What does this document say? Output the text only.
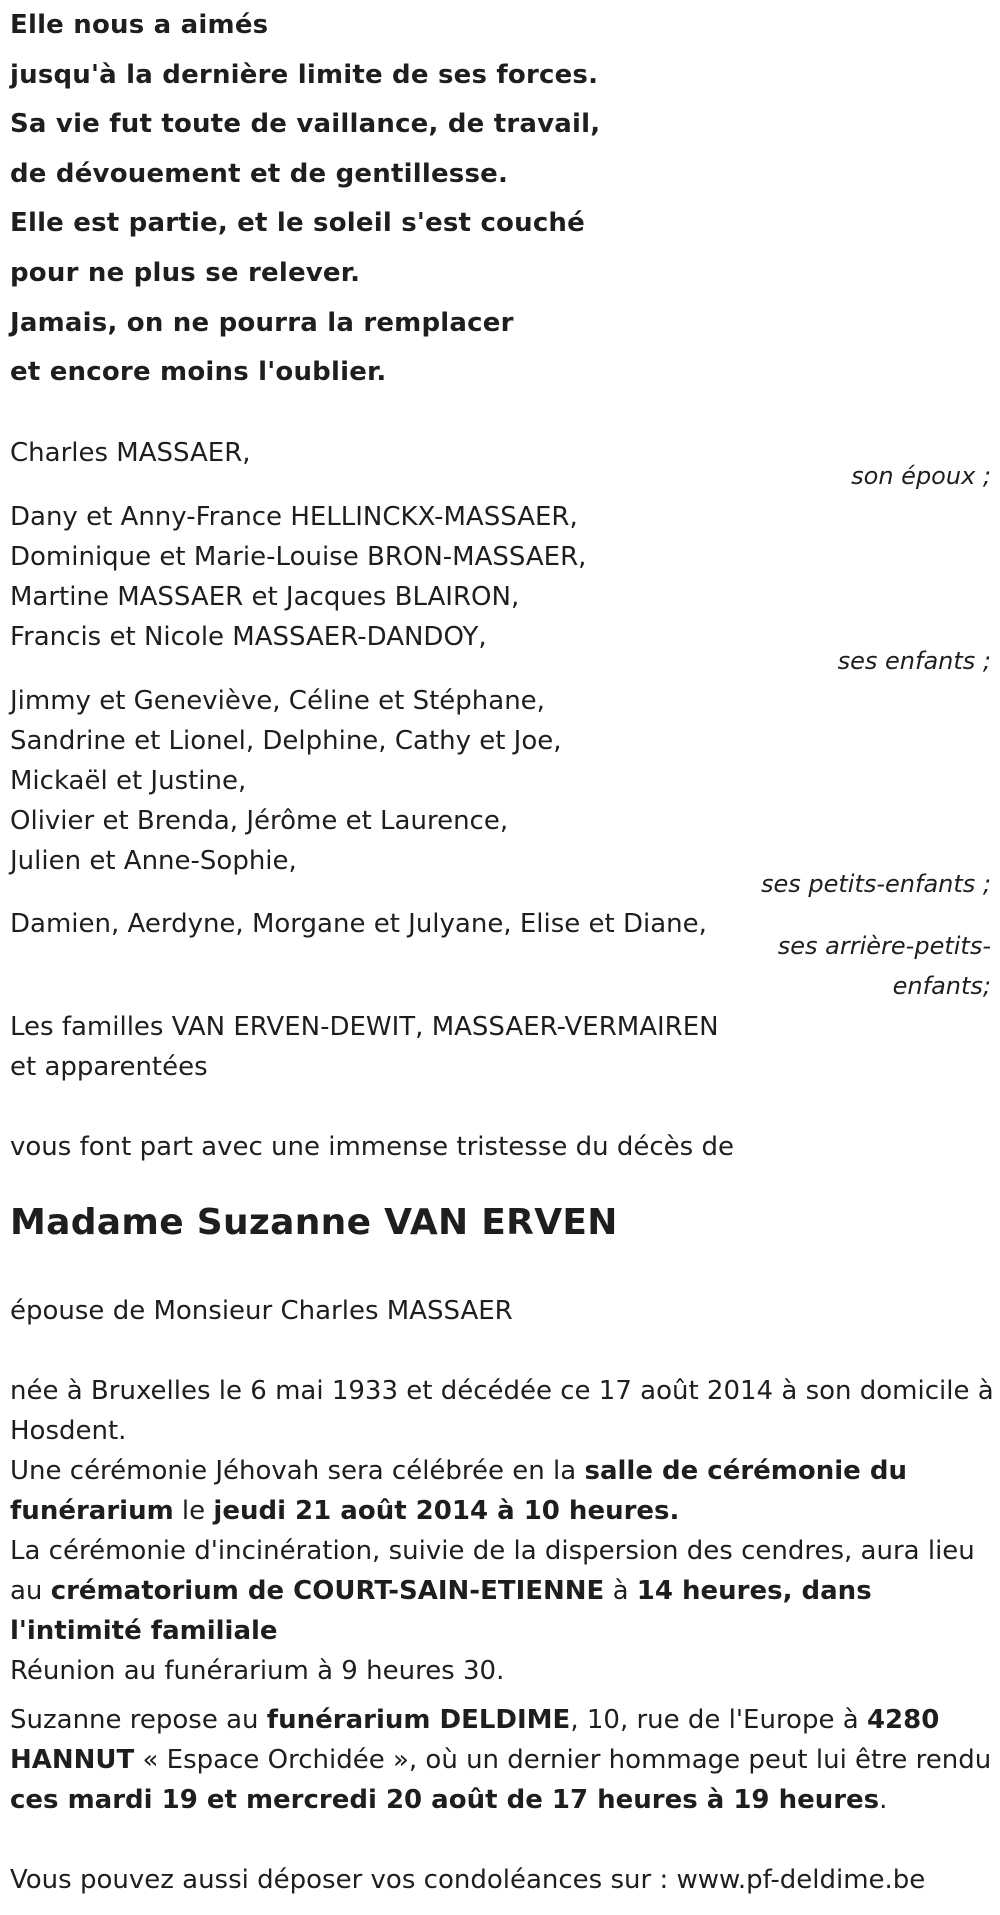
Elle nous a aimés
jusqu'à la dernière limite de ses forces.
Sa vie fut toute de vaillance, de travail,
de dévouement et de gentillesse.
Elle est partie, et le soleil s'est couché
pour ne plus se relever.
Jamais, on ne pourra la remplacer
et encore moins l'oublier.
Charles MASSAER,
son époux ;
Dany et Anny-France HELLINCKX-MASSAER,
Dominique et Marie-Louise BRON-MASSAER,
Martine MASSAER et Jacques BLAIRON,
Francis et Nicole MASSAER-DANDOY,
ses enfants ;
Jimmy et Geneviève, Céline et Stéphane,
Sandrine et Lionel, Delphine, Cathy et Joe,
Mickaël et Justine,
Olivier et Brenda, Jérôme et Laurence,
Julien et Anne-Sophie,
ses petits-enfants ;
Damien, Aerdyne, Morgane et Julyane, Elise et Diane,
ses arrière-petits-
enfants;
Les familles VAN ERVEN-DEWIT, MASSAER-VERMAIREN
et apparentées
vous font part avec une immense tristesse du décès de
Madame Suzanne VAN ERVEN
épouse de Monsieur Charles MASSAER
née à Bruxelles le 6 mai 1933 et décédée ce 17 août 2014 à son domicile à Hosdent.
Une cérémonie Jéhovah sera célébrée en la salle de cérémonie du funérarium le jeudi 21 août 2014 à 10 heures.
La cérémonie d'incinération, suivie de la dispersion des cendres, aura lieu au crématorium de COURT-SAIN-ETIENNE à 14 heures, dans l'intimité familiale
Réunion au funérarium à 9 heures 30.
Suzanne repose au funérarium DELDIME, 10, rue de l'Europe à 4280 HANNUT « Espace Orchidée », où un dernier hommage peut lui être rendu ces mardi 19 et mercredi 20 août de 17 heures à 19 heures.
Vous pouvez aussi déposer vos condoléances sur : www.pf-deldime.be
